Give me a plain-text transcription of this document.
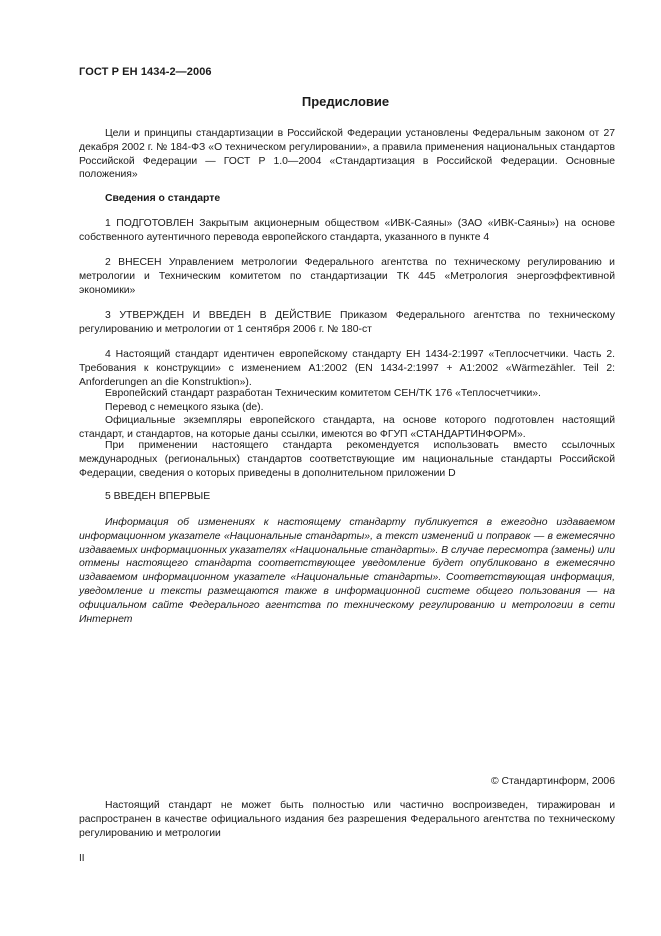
ГОСТ Р ЕН 1434-2—2006
Предисловие

Цели и принципы стандартизации в Российской Федерации установлены Федеральным законом от 27 декабря 2002 г. № 184-ФЗ «О техническом регулировании», а правила применения национальных стандартов Российской Федерации — ГОСТ Р 1.0—2004 «Стандартизация в Российской Федерации. Основные положения»

Сведения о стандарте

1 ПОДГОТОВЛЕН Закрытым акционерным обществом «ИВК-Саяны» (ЗАО «ИВК-Саяны») на основе собственного аутентичного перевода европейского стандарта, указанного в пункте 4

2 ВНЕСЕН Управлением метрологии Федерального агентства по техническому регулированию и метрологии и Техническим комитетом по стандартизации ТК 445 «Метрология энергоэффективной экономики»

3 УТВЕРЖДЕН И ВВЕДЕН В ДЕЙСТВИЕ Приказом Федерального агентства по техническому регулированию и метрологии от 1 сентября 2006 г. № 180-ст

4 Настоящий стандарт идентичен европейскому стандарту ЕН 1434-2:1997 «Теплосчетчики. Часть 2. Требования к конструкции» с изменением А1:2002 (EN 1434-2:1997 + A1:2002 «Wärmezähler. Teil 2: Anforderungen an die Konstruktion»).

Европейский стандарт разработан Техническим комитетом CEH/TK 176 «Теплосчетчики».

Перевод с немецкого языка (de).

Официальные экземпляры европейского стандарта, на основе которого подготовлен настоящий стандарт, и стандартов, на которые даны ссылки, имеются во ФГУП «СТАНДАРТИНФОРМ».

При применении настоящего стандарта рекомендуется использовать вместо ссылочных международных (региональных) стандартов соответствующие им национальные стандарты Российской Федерации, сведения о которых приведены в дополнительном приложении D

5 ВВЕДЕН ВПЕРВЫЕ

Информация об изменениях к настоящему стандарту публикуется в ежегодно издаваемом информационном указателе «Национальные стандарты», а текст изменений и поправок — в ежемесячно издаваемых информационных указателях «Национальные стандарты». В случае пересмотра (замены) или отмены настоящего стандарта соответствующее уведомление будет опубликовано в ежемесячно издаваемом информационном указателе «Национальные стандарты». Соответствующая информация, уведомление и тексты размещаются также в информационной системе общего пользования — на официальном сайте Федерального агентства по техническому регулированию и метрологии в сети Интернет

© Стандартинформ, 2006

Настоящий стандарт не может быть полностью или частично воспроизведен, тиражирован и распространен в качестве официального издания без разрешения Федерального агентства по техническому регулированию и метрологии

II
